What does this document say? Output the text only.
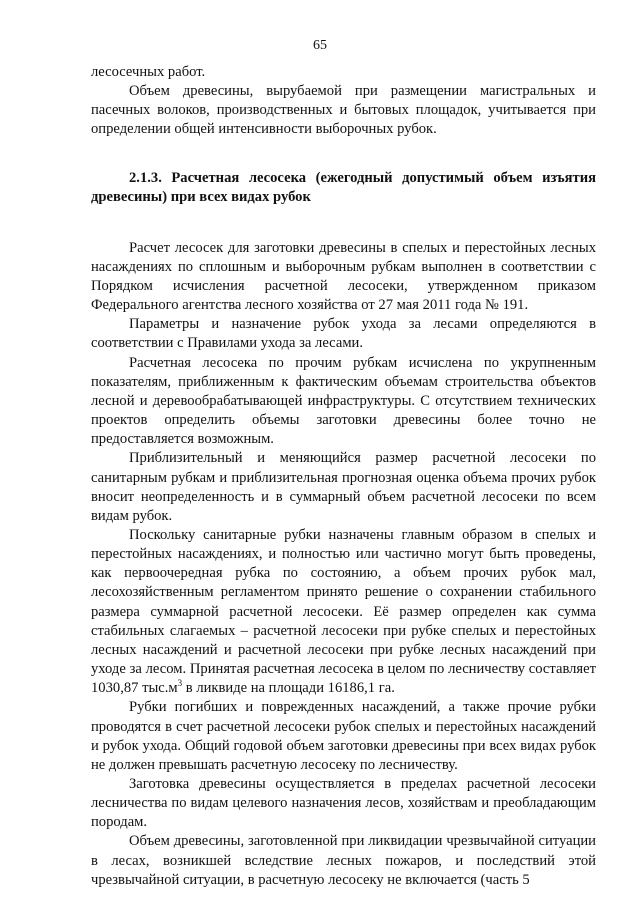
65

лесосечных работ.

Объем древесины, вырубаемой при размещении магистральных и пасечных волоков, производственных и бытовых площадок, учитывается при определении общей интенсивности выборочных рубок.

2.1.3. Расчетная лесосека (ежегодный допустимый объем изъятия древесины) при всех видах рубок

Расчет лесосек для заготовки древесины в спелых и перестойных лесных насаждениях по сплошным и выборочным рубкам выполнен в соответствии с Порядком исчисления расчетной лесосеки, утвержденном приказом Федерального агентства лесного хозяйства от 27 мая 2011 года № 191.

Параметры и назначение рубок ухода за лесами определяются в соответствии с Правилами ухода за лесами.

Расчетная лесосека по прочим рубкам исчислена по укрупненным показателям, приближенным к фактическим объемам строительства объектов лесной и деревообрабатывающей инфраструктуры. С отсутствием технических проектов определить объемы заготовки древесины более точно не предоставляется возможным.

Приблизительный и меняющийся размер расчетной лесосеки по санитарным рубкам и приблизительная прогнозная оценка объема прочих рубок вносит неопределенность и в суммарный объем расчетной лесосеки по всем видам рубок.

Поскольку санитарные рубки назначены главным образом в спелых и перестойных насаждениях, и полностью или частично могут быть проведены, как первоочередная рубка по состоянию, а объем прочих рубок мал, лесохозяйственным регламентом принято решение о сохранении стабильного размера суммарной расчетной лесосеки. Её размер определен как сумма стабильных слагаемых – расчетной лесосеки при рубке спелых и перестойных лесных насаждений и расчетной лесосеки при рубке лесных насаждений при уходе за лесом. Принятая расчетная лесосека в целом по лесничеству составляет 1030,87 $тыс.м^3$ в ликвиде на площади 16186,1 га.

Рубки погибших и поврежденных насаждений, а также прочие рубки проводятся в счет расчетной лесосеки рубок спелых и перестойных насаждений и рубок ухода. Общий годовой объем заготовки древесины при всех видах рубок не должен превышать расчетную лесосеку по лесничеству.

Заготовка древесины осуществляется в пределах расчетной лесосеки лесничества по видам целевого назначения лесов, хозяйствам и преобладающим породам.

Объем древесины, заготовленной при ликвидации чрезвычайной ситуации в лесах, возникшей вследствие лесных пожаров, и последствий этой чрезвычайной ситуации, в расчетную лесосеку не включается (часть 5
